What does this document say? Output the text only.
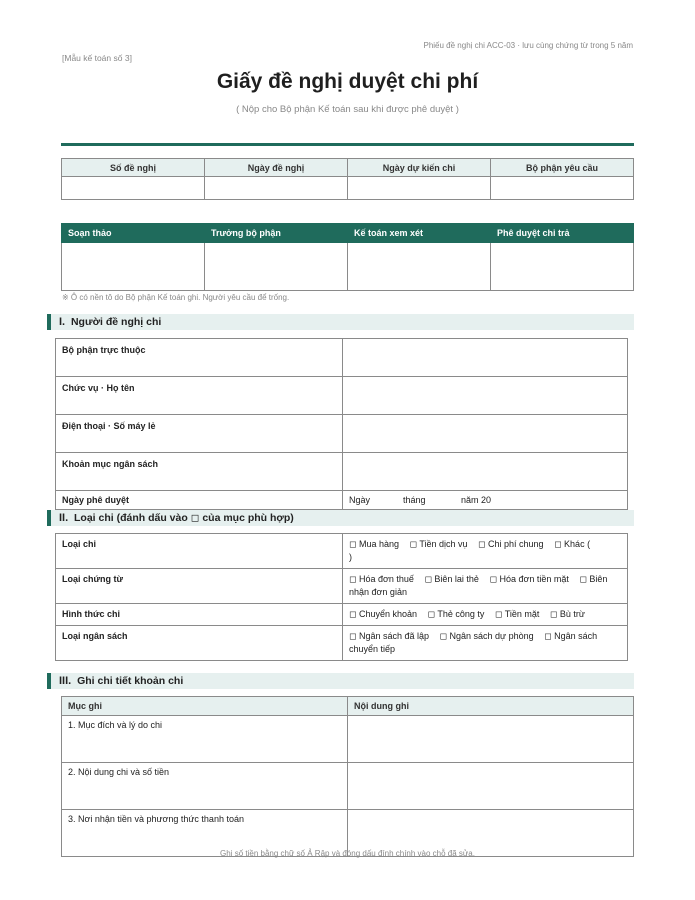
Phiếu đề nghị chi ACC-03 · lưu cùng chứng từ trong 5 năm
[Mẫu kế toán số 3]
Giấy đề nghị duyệt chi phí
( Nộp cho Bộ phận Kế toán sau khi được phê duyệt )
Số đề nghị	Ngày đề nghị	Ngày dự kiến chi	Bộ phận yêu cầu

Soạn thảo	Trưởng bộ phận	Kế toán xem xét	Phê duyệt chi trả

※ Ô có nền tô do Bộ phận Kế toán ghi. Người yêu cầu để trống.
I. Người đề nghị chi
Bộ phận trực thuộc	
Chức vụ · Họ tên	
Điện thoại · Số máy lẻ	
Khoản mục ngân sách	
Ngày phê duyệt	Ngày tháng năm 20
II. Loại chi (đánh dấu vào ◻ của mục phù hợp)
Loại chi	◻ Mua hàng ◻ Tiền dịch vụ ◻ Chi phí chung ◻ Khác (          )
Loại chứng từ	◻ Hóa đơn thuế ◻ Biên lai thẻ ◻ Hóa đơn tiền mặt ◻ Biên nhận đơn giản
Hình thức chi	◻ Chuyển khoản ◻ Thẻ công ty ◻ Tiền mặt ◻ Bù trừ
Loại ngân sách	◻ Ngân sách đã lập ◻ Ngân sách dự phòng ◻ Ngân sách chuyển tiếp
III. Ghi chi tiết khoản chi
Mục ghi	Nội dung ghi
1. Mục đích và lý do chi	
2. Nội dung chi và số tiền	
3. Nơi nhận tiền và phương thức thanh toán	
Ghi số tiền bằng chữ số Ả Rập và đóng dấu đính chính vào chỗ đã sửa.
